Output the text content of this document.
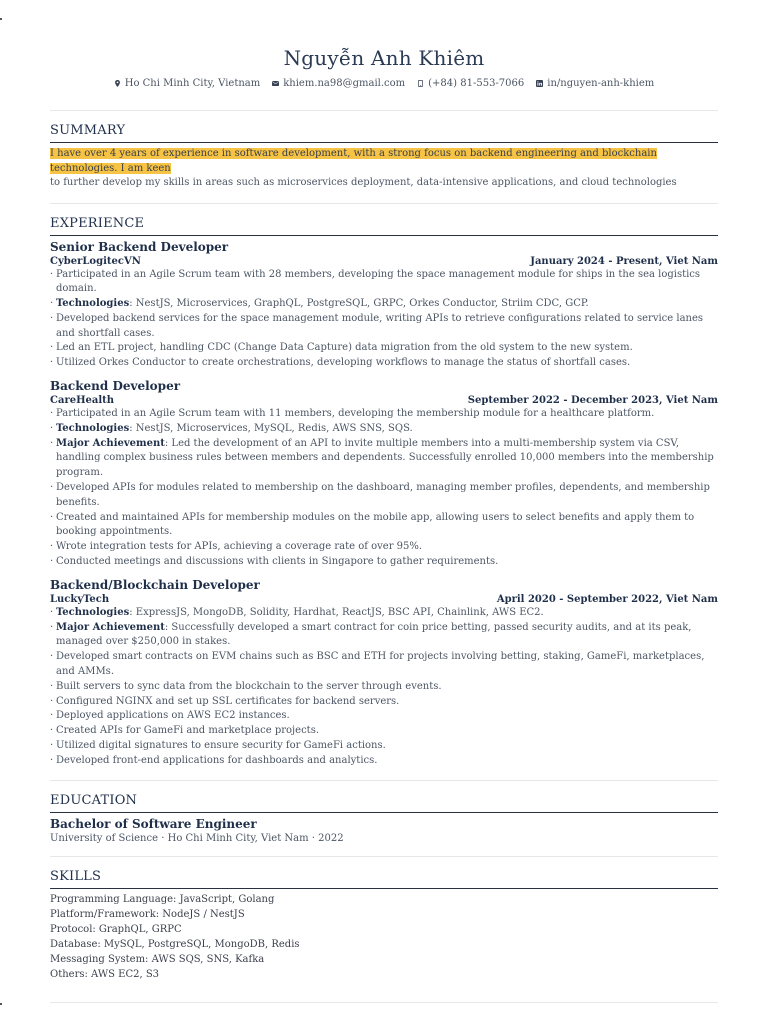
Nguyễn Anh Khiêm
Ho Chi Minh City, Vietnam khiem.na98@gmail.com (+84) 81-553-7066 in/nguyen-anh-khiem
SUMMARY
I have over 4 years of experience in software development, with a strong focus on backend engineering and blockchain technologies. I am keen
to further develop my skills in areas such as microservices deployment, data-intensive applications, and cloud technologies
EXPERIENCE
Senior Backend Developer
CyberLogitecVN	January 2024 - Present, Viet Nam
· Participated in an Agile Scrum team with 28 members, developing the space management module for ships in the sea logistics domain.
· Technologies: NestJS, Microservices, GraphQL, PostgreSQL, GRPC, Orkes Conductor, Striim CDC, GCP.
· Developed backend services for the space management module, writing APIs to retrieve configurations related to service lanes and shortfall cases.
· Led an ETL project, handling CDC (Change Data Capture) data migration from the old system to the new system.
· Utilized Orkes Conductor to create orchestrations, developing workflows to manage the status of shortfall cases.
Backend Developer
CareHealth	September 2022 - December 2023, Viet Nam
· Participated in an Agile Scrum team with 11 members, developing the membership module for a healthcare platform.
· Technologies: NestJS, Microservices, MySQL, Redis, AWS SNS, SQS.
· Major Achievement: Led the development of an API to invite multiple members into a multi-membership system via CSV, handling complex business rules between members and dependents. Successfully enrolled 10,000 members into the membership program.
· Developed APIs for modules related to membership on the dashboard, managing member profiles, dependents, and membership benefits.
· Created and maintained APIs for membership modules on the mobile app, allowing users to select benefits and apply them to booking appointments.
· Wrote integration tests for APIs, achieving a coverage rate of over 95%.
· Conducted meetings and discussions with clients in Singapore to gather requirements.
Backend/Blockchain Developer
LuckyTech	April 2020 - September 2022, Viet Nam
· Technologies: ExpressJS, MongoDB, Solidity, Hardhat, ReactJS, BSC API, Chainlink, AWS EC2.
· Major Achievement: Successfully developed a smart contract for coin price betting, passed security audits, and at its peak, managed over $250,000 in stakes.
· Developed smart contracts on EVM chains such as BSC and ETH for projects involving betting, staking, GameFi, marketplaces, and AMMs.
· Built servers to sync data from the blockchain to the server through events.
· Configured NGINX and set up SSL certificates for backend servers.
· Deployed applications on AWS EC2 instances.
· Created APIs for GameFi and marketplace projects.
· Utilized digital signatures to ensure security for GameFi actions.
· Developed front-end applications for dashboards and analytics.
EDUCATION
Bachelor of Software Engineer
University of Science · Ho Chi Minh City, Viet Nam · 2022
SKILLS
Programming Language: JavaScript, Golang
Platform/Framework: NodeJS / NestJS
Protocol: GraphQL, GRPC
Database: MySQL, PostgreSQL, MongoDB, Redis
Messaging System: AWS SQS, SNS, Kafka
Others: AWS EC2, S3
